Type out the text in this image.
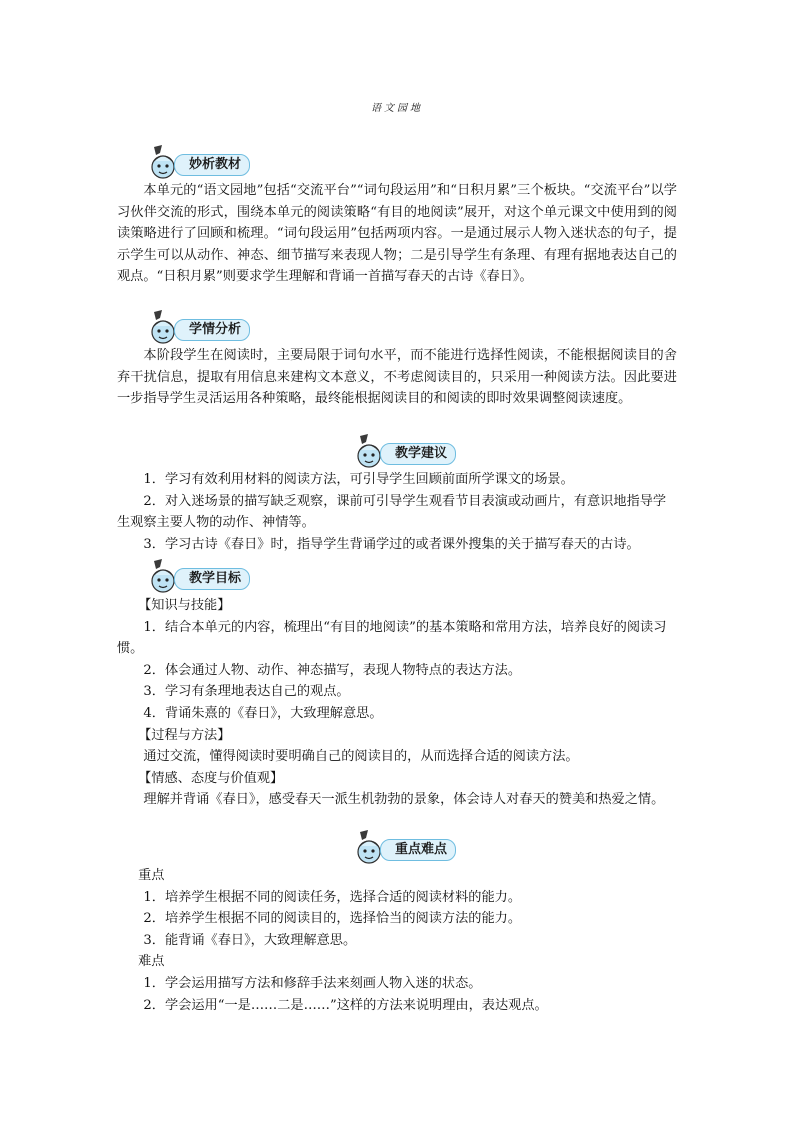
语文园地
妙析教材

本单元的“语文园地”包括“交流平台”“词句段运用”和“日积月累”三个板块。“交流平台”以学习伙伴交流的形式，围绕本单元的阅读策略“有目的地阅读”展开，对这个单元课文中使用到的阅读策略进行了回顾和梳理。“词句段运用”包括两项内容。一是通过展示人物入迷状态的句子，提示学生可以从动作、神态、细节描写来表现人物；二是引导学生有条理、有理有据地表达自己的观点。“日积月累”则要求学生理解和背诵一首描写春天的古诗《春日》。

学情分析

本阶段学生在阅读时，主要局限于词句水平，而不能进行选择性阅读，不能根据阅读目的舍弃干扰信息，提取有用信息来建构文本意义，不考虑阅读目的，只采用一种阅读方法。因此要进一步指导学生灵活运用各种策略，最终能根据阅读目的和阅读的即时效果调整阅读速度。

教学建议

1．学习有效利用材料的阅读方法，可引导学生回顾前面所学课文的场景。

2．对入迷场景的描写缺乏观察，课前可引导学生观看节目表演或动画片，有意识地指导学生观察主要人物的动作、神情等。

3．学习古诗《春日》时，指导学生背诵学过的或者课外搜集的关于描写春天的古诗。

教学目标

【知识与技能】

1．结合本单元的内容，梳理出“有目的地阅读”的基本策略和常用方法，培养良好的阅读习惯。

2．体会通过人物、动作、神态描写，表现人物特点的表达方法。

3．学习有条理地表达自己的观点。

4．背诵朱熹的《春日》，大致理解意思。

【过程与方法】

通过交流，懂得阅读时要明确自己的阅读目的，从而选择合适的阅读方法。

【情感、态度与价值观】

理解并背诵《春日》，感受春天一派生机勃勃的景象，体会诗人对春天的赞美和热爱之情。

重点难点

重点

1．培养学生根据不同的阅读任务，选择合适的阅读材料的能力。

2．培养学生根据不同的阅读目的，选择恰当的阅读方法的能力。

3．能背诵《春日》，大致理解意思。

难点

1．学会运用描写方法和修辞手法来刻画人物入迷的状态。

2．学会运用“一是……二是……”这样的方法来说明理由，表达观点。
